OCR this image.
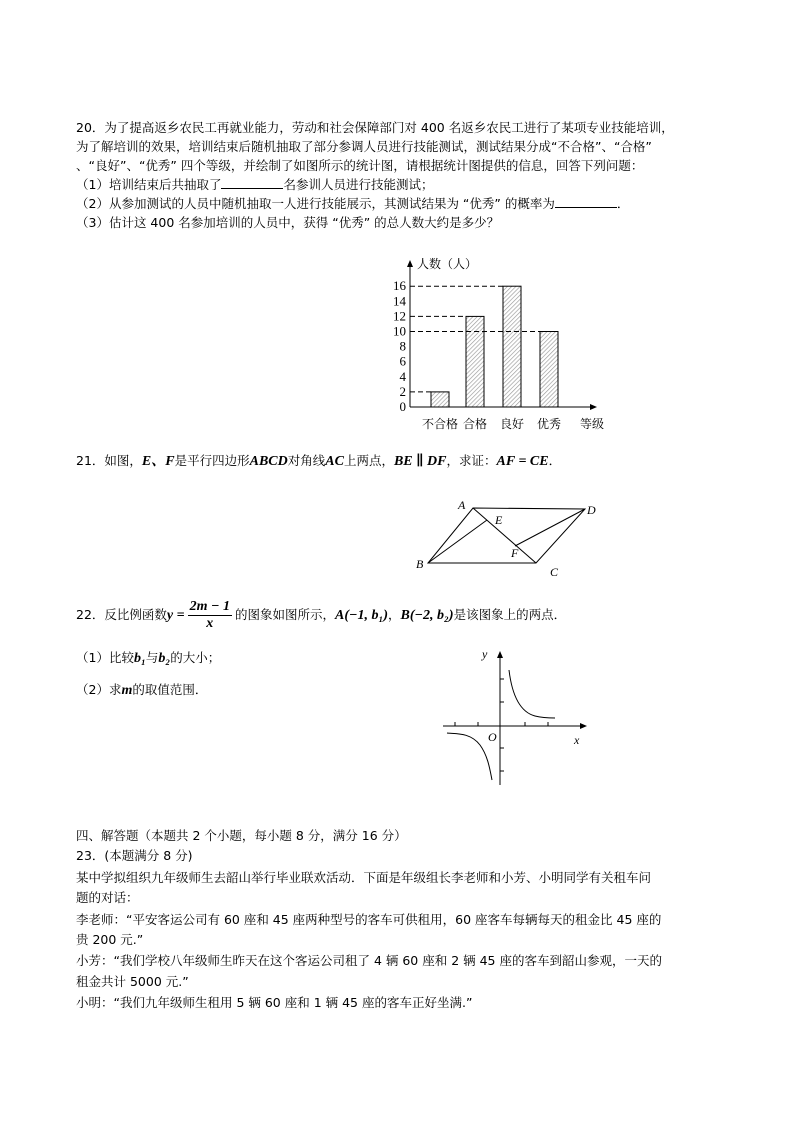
20．为了提高返乡农民工再就业能力，劳动和社会保障部门对 400 名返乡农民工进行了某项专业技能培训，
为了解培训的效果，培训结束后随机抽取了部分参调人员进行技能测试，测试结果分成“不合格”、“合格”
、“良好”、“优秀” 四个等级，并绘制了如图所示的统计图，请根据统计图提供的信息，回答下列问题：
（1）培训结束后共抽取了	名参训人员进行技能测试；
（2）从参加测试的人员中随机抽取一人进行技能展示，其测试结果为 “优秀” 的概率为	．
（3）估计这 400 名参加培训的人员中，获得 “优秀” 的总人数大约是多少？
人数（人）
等级
0
2
4
6
8
10
12
14
16
不合格 合格 良好 优秀
21．如图，E、F是平行四边形ABCD对角线AC上两点，BE ∥ DF，求证：AF = CE．
A	D
E
F
B
C
22．反比例函数$y = \frac{2m - 1}{x}$ 的图象如图所示，A(−1, b₁)，B(−2, b₂)是该图象上的两点．
（1）比较b₁与b₂的大小；
（2）求m的取值范围．
y
x
O
四、解答题（本题共 2 个小题，每小题 8 分，满分 16 分）
23．(本题满分 8 分)
某中学拟组织九年级师生去韶山举行毕业联欢活动．下面是年级组长李老师和小芳、小明同学有关租车问
题的对话：
李老师：“平安客运公司有 60 座和 45 座两种型号的客车可供租用，60 座客车每辆每天的租金比 45 座的
贵 200 元.”
小芳：“我们学校八年级师生昨天在这个客运公司租了 4 辆 60 座和 2 辆 45 座的客车到韶山参观，一天的
租金共计 5000 元.”
小明：“我们九年级师生租用 5 辆 60 座和 1 辆 45 座的客车正好坐满.”
